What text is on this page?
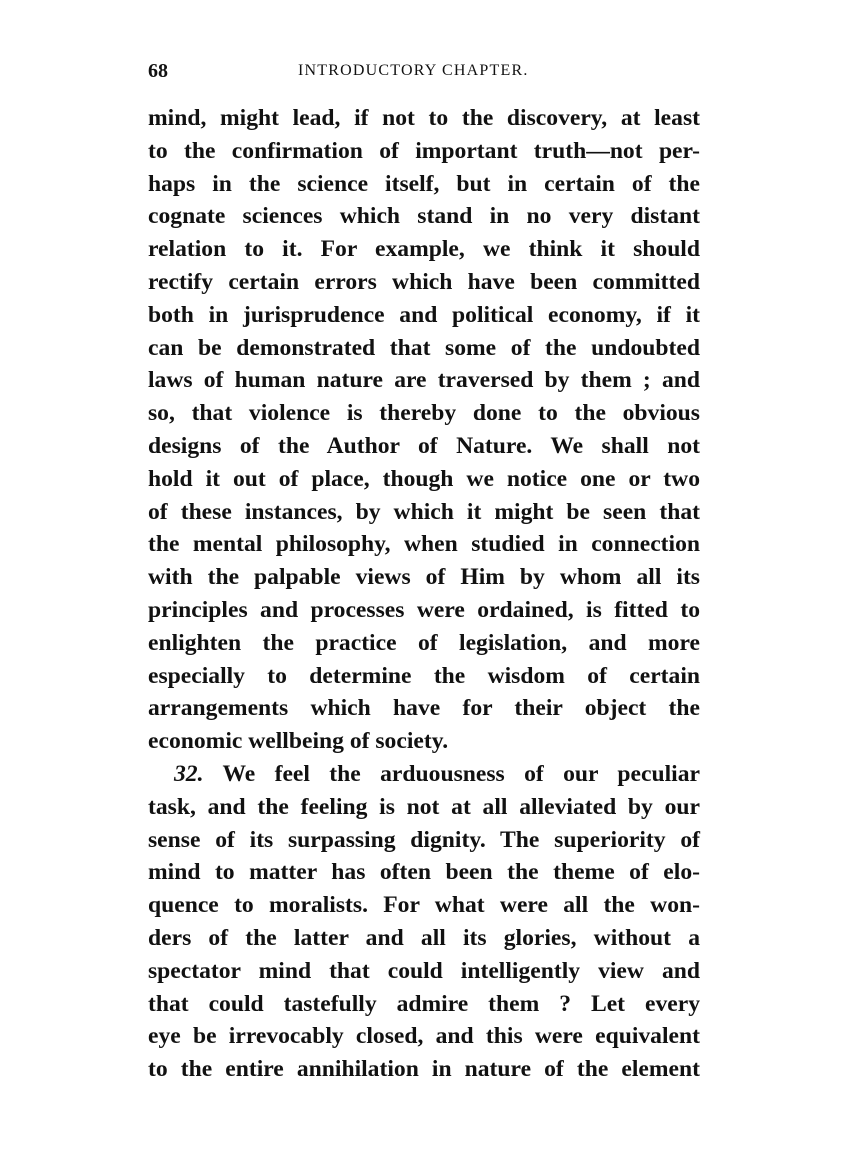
68	INTRODUCTORY CHAPTER.
mind, might lead, if not to the discovery, at least
to the confirmation of important truth—not per-
haps in the science itself, but in certain of the
cognate sciences which stand in no very distant
relation to it. For example, we think it should
rectify certain errors which have been committed
both in jurisprudence and political economy, if it
can be demonstrated that some of the undoubted
laws of human nature are traversed by them ; and
so, that violence is thereby done to the obvious
designs of the Author of Nature. We shall not
hold it out of place, though we notice one or two
of these instances, by which it might be seen that
the mental philosophy, when studied in connection
with the palpable views of Him by whom all its
principles and processes were ordained, is fitted to
enlighten the practice of legislation, and more
especially to determine the wisdom of certain
arrangements which have for their object the
economic wellbeing of society.
32. We feel the arduousness of our peculiar
task, and the feeling is not at all alleviated by our
sense of its surpassing dignity. The superiority of
mind to matter has often been the theme of elo-
quence to moralists. For what were all the won-
ders of the latter and all its glories, without a
spectator mind that could intelligently view and
that could tastefully admire them ? Let every
eye be irrevocably closed, and this were equivalent
to the entire annihilation in nature of the element
